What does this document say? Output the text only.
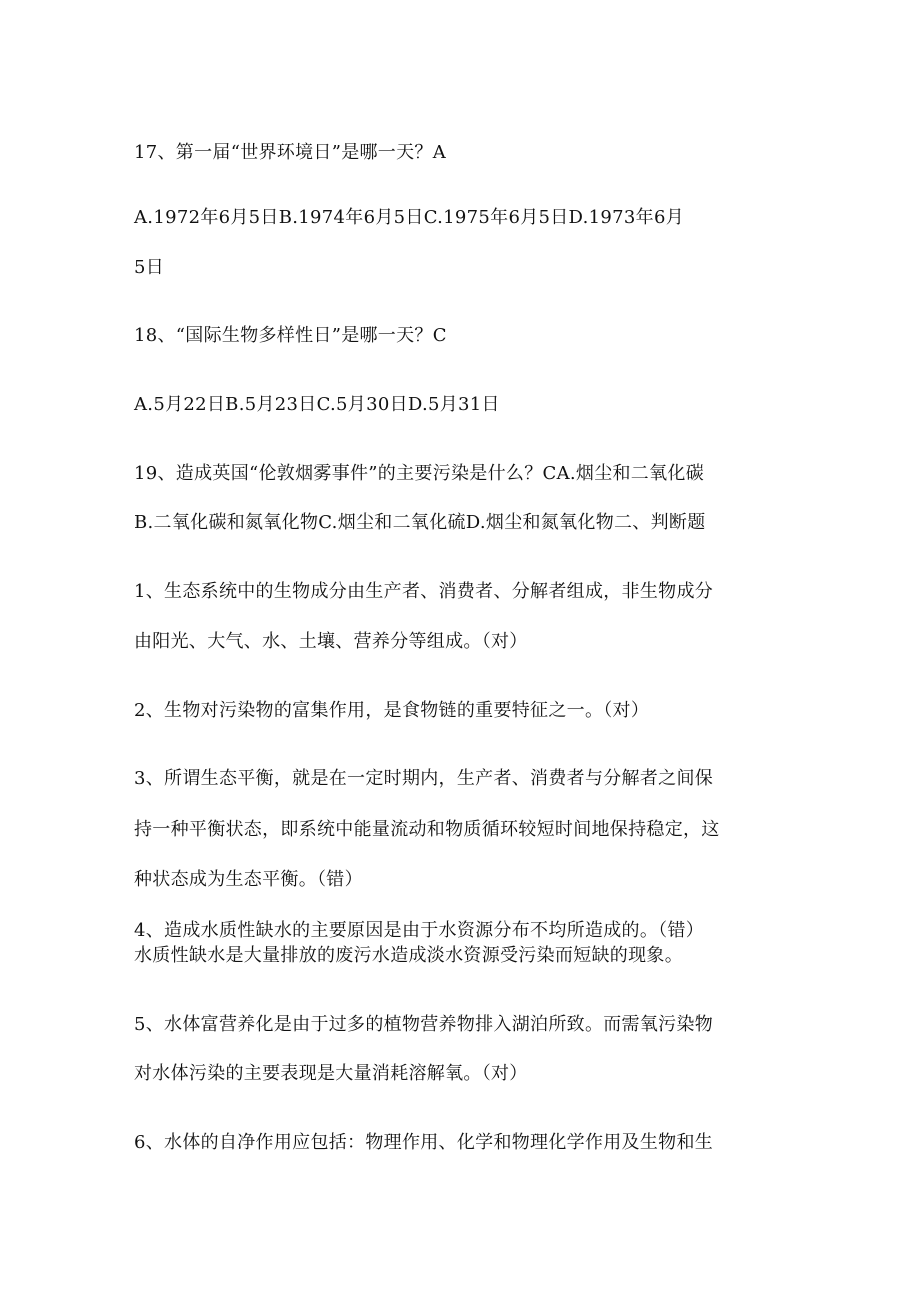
17、第一届“世界环境日”是哪一天？A
A.1972年6月5日B.1974年6月5日C.1975年6月5日D.1973年6月
5日
18、“国际生物多样性日”是哪一天？C
A.5月22日B.5月23日C.5月30日D.5月31日
19、造成英国“伦敦烟雾事件”的主要污染是什么？CA.烟尘和二氧化碳
B.二氧化碳和氮氧化物C.烟尘和二氧化硫D.烟尘和氮氧化物二、判断题
1、生态系统中的生物成分由生产者、消费者、分解者组成，非生物成分
由阳光、大气、水、土壤、营养分等组成。（对）
2、生物对污染物的富集作用，是食物链的重要特征之一。（对）
3、所谓生态平衡，就是在一定时期内，生产者、消费者与分解者之间保
持一种平衡状态，即系统中能量流动和物质循环较短时间地保持稳定，这
种状态成为生态平衡。（错）
4、造成水质性缺水的主要原因是由于水资源分布不均所造成的。（错）
水质性缺水是大量排放的废污水造成淡水资源受污染而短缺的现象。
5、水体富营养化是由于过多的植物营养物排入湖泊所致。而需氧污染物
对水体污染的主要表现是大量消耗溶解氧。（对）
6、水体的自净作用应包括：物理作用、化学和物理化学作用及生物和生
